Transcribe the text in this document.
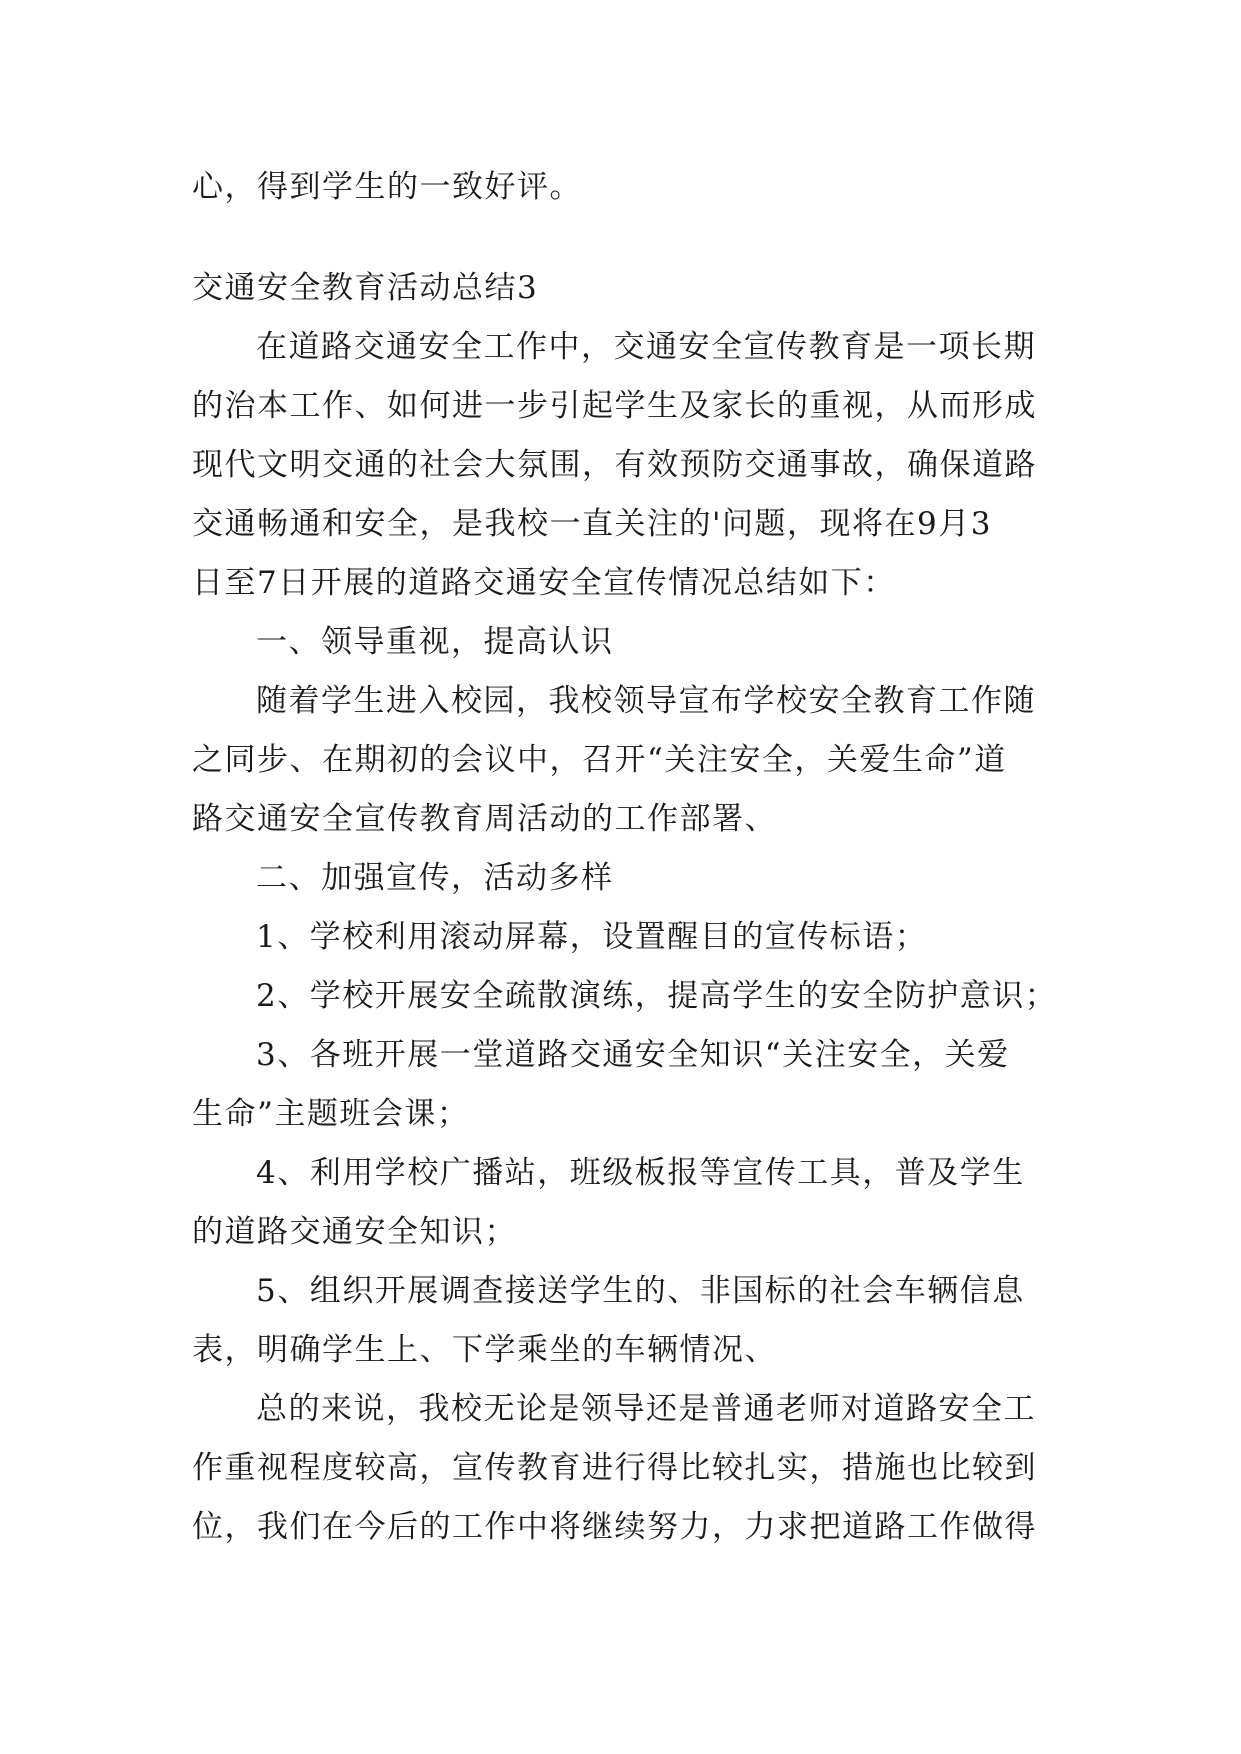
心，得到学生的一致好评。
交通安全教育活动总结3
在道路交通安全工作中，交通安全宣传教育是一项长期
的治本工作、如何进一步引起学生及家长的重视，从而形成
现代文明交通的社会大氛围，有效预防交通事故，确保道路
交通畅通和安全，是我校一直关注的'问题，现将在9月3
日至7日开展的道路交通安全宣传情况总结如下：
一、领导重视，提高认识
随着学生进入校园，我校领导宣布学校安全教育工作随
之同步、在期初的会议中，召开“关注安全，关爱生命”道
路交通安全宣传教育周活动的工作部署、
二、加强宣传，活动多样
1、学校利用滚动屏幕，设置醒目的宣传标语；
2、学校开展安全疏散演练，提高学生的安全防护意识；
3、各班开展一堂道路交通安全知识“关注安全，关爱
生命”主题班会课；
4、利用学校广播站，班级板报等宣传工具，普及学生
的道路交通安全知识；
5、组织开展调查接送学生的、非国标的社会车辆信息
表，明确学生上、下学乘坐的车辆情况、
总的来说，我校无论是领导还是普通老师对道路安全工
作重视程度较高，宣传教育进行得比较扎实，措施也比较到
位，我们在今后的工作中将继续努力，力求把道路工作做得
